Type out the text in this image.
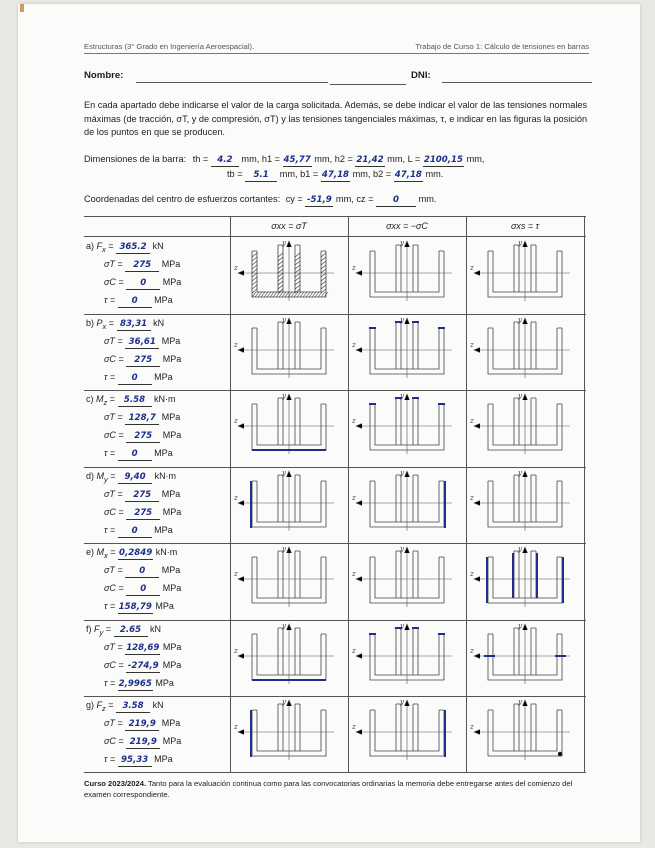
Estructuras (3° Grado en Ingeniería Aeroespacial).	Trabajo de Curso 1: Cálculo de tensiones en barras
Nombre:	DNI:
En cada apartado debe indicarse el valor de la carga solicitada. Además, se debe indicar el valor de las tensiones normales máximas (de tracción, σT, y de compresión, σT) y las tensiones tangenciales máximas, τ, e indicar en las figuras la posición de los puntos en que se producen.
Dimensiones de la barra: th = 4.2 mm, h1 = 45,77 mm, h2 = 21,42 mm, L = 2100,15 mm,
tb = 5.1 mm, b1 = 47,18 mm, b2 = 47,18 mm.
Coordenadas del centro de esfuerzos cortantes: cy = -51,9 mm, cz = 0 mm.
σxx = σT	σxx = −σC	σxs = τ
a) $F_x = 365.2$ kN
σT = 275 MPa
σC = 0 MPa
τ = 0 MPa
y
z
y
z
y
z
b) $P_x = 83,31$ kN
σT = 36,61 MPa
σC = 275 MPa
τ = 0 MPa
y
z
y
z
y
z
c) $M_z = 5.58$ kN·m
σT = 128,7 MPa
σC = 275 MPa
τ = 0 MPa
y
z
y
z
y
z
d) $M_y = 9,40$ kN·m
σT = 275 MPa
σC = 275 MPa
τ = 0 MPa
y
z
y
z
y
z
e) $M_x = 0,2849$ kN·m
σT = 0 MPa
σC = 0 MPa
τ = 158,79 MPa
y
z
y
z
y
z
f) $F_y = 2.65$ kN
σT = 128,69 MPa
σC = -274,9 MPa
τ = 2,9965 MPa
y
z
y
z
y
z
g) $F_z = 3.58$ kN
σT = 219,9 MPa
σC = 219,9 MPa
τ = 95,33 MPa
y
z
y
z
y
z
Curso 2023/2024. Tanto para la evaluación continua como para las convocatorias ordinarias la memoria debe entregarse antes del comienzo del examen correspondiente.
